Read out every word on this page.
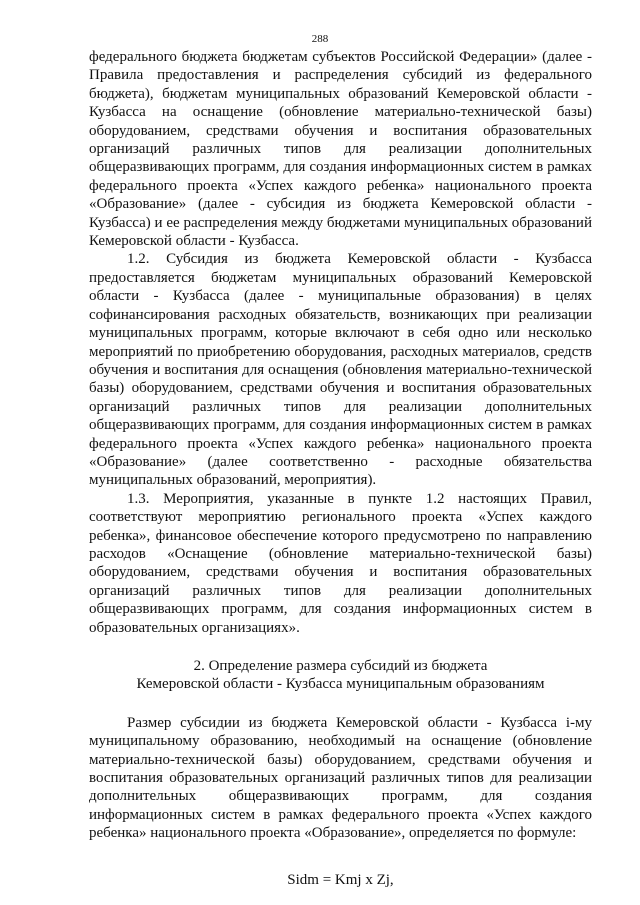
288

федерального бюджета бюджетам субъектов Российской Федерации» (далее - Правила предоставления и распределения субсидий из федерального бюджета), бюджетам муниципальных образований Кемеровской области - Кузбасса на оснащение (обновление материально-технической базы) оборудованием, средствами обучения и воспитания образовательных организаций различных типов для реализации дополнительных общеразвивающих программ, для создания информационных систем в рамках федерального проекта «Успех каждого ребенка» национального проекта «Образование» (далее - субсидия из бюджета Кемеровской области - Кузбасса) и ее распределения между бюджетами муниципальных образований Кемеровской области - Кузбасса.

1.2. Субсидия из бюджета Кемеровской области - Кузбасса предоставляется бюджетам муниципальных образований Кемеровской области - Кузбасса (далее - муниципальные образования) в целях софинансирования расходных обязательств, возникающих при реализации муниципальных программ, которые включают в себя одно или несколько мероприятий по приобретению оборудования, расходных материалов, средств обучения и воспитания для оснащения (обновления материально-технической базы) оборудованием, средствами обучения и воспитания образовательных организаций различных типов для реализации дополнительных общеразвивающих программ, для создания информационных систем в рамках федерального проекта «Успех каждого ребенка» национального проекта «Образование» (далее соответственно - расходные обязательства муниципальных образований, мероприятия).

1.3. Мероприятия, указанные в пункте 1.2 настоящих Правил, соответствуют мероприятию регионального проекта «Успех каждого ребенка», финансовое обеспечение которого предусмотрено по направлению расходов «Оснащение (обновление материально-технической базы) оборудованием, средствами обучения и воспитания образовательных организаций различных типов для реализации дополнительных общеразвивающих программ, для создания информационных систем в образовательных организациях».

2. Определение размера субсидий из бюджета
Кемеровской области - Кузбасса муниципальным образованиям

Размер субсидии из бюджета Кемеровской области - Кузбасса i-му муниципальному образованию, необходимый на оснащение (обновление материально-технической базы) оборудованием, средствами обучения и воспитания образовательных организаций различных типов для реализации дополнительных общеразвивающих программ, для создания информационных систем в рамках федерального проекта «Успех каждого ребенка» национального проекта «Образование», определяется по формуле:

Sidm = Kmj x Zj,
